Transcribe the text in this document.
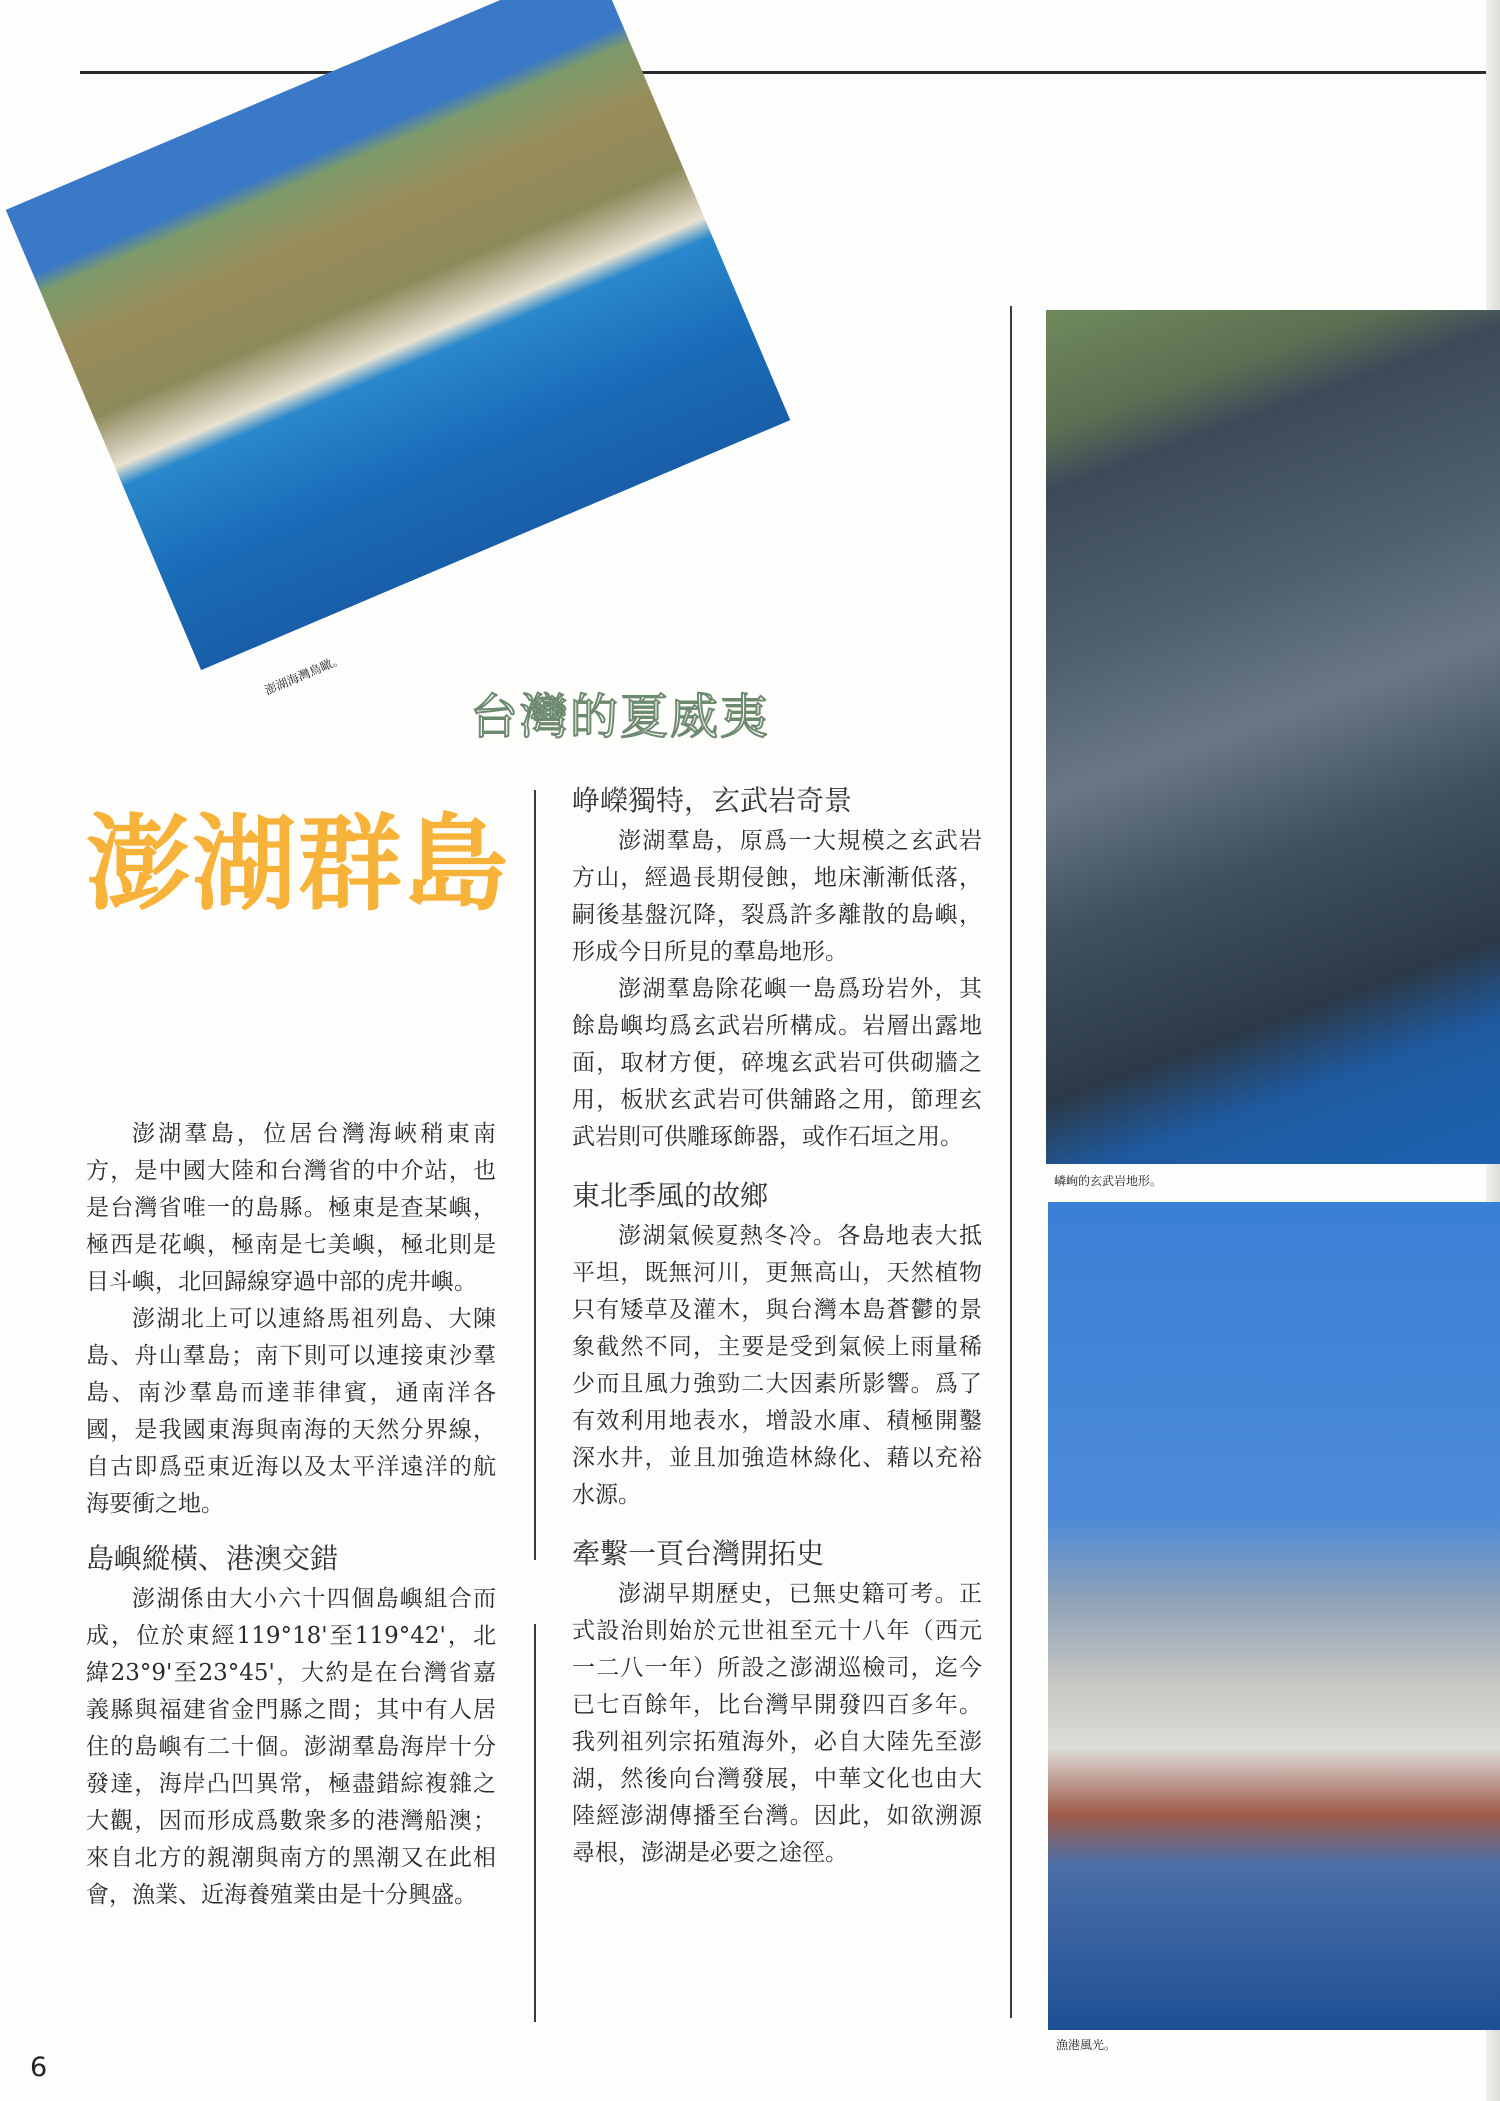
澎湖海灣鳥瞰。
嶙峋的玄武岩地形。
漁港風光。
台灣的夏威夷
澎湖群島

澎湖羣島，位居台灣海峽稍東南方，是中國大陸和台灣省的中介站，也是台灣省唯一的島縣。極東是查某嶼，極西是花嶼，極南是七美嶼，極北則是目斗嶼，北回歸線穿過中部的虎井嶼。

澎湖北上可以連絡馬祖列島、大陳島、舟山羣島；南下則可以連接東沙羣島、南沙羣島而達菲律賓，通南洋各國，是我國東海與南海的天然分界線，自古即爲亞東近海以及太平洋遠洋的航海要衝之地。

島嶼縱橫、港澳交錯

澎湖係由大小六十四個島嶼組合而成，位於東經119°18'至119°42'，北緯23°9'至23°45'，大約是在台灣省嘉義縣與福建省金門縣之間；其中有人居住的島嶼有二十個。澎湖羣島海岸十分發達，海岸凸凹異常，極盡錯綜複雜之大觀，因而形成爲數衆多的港灣船澳；來自北方的親潮與南方的黑潮又在此相會，漁業、近海養殖業由是十分興盛。

峥嶸獨特，玄武岩奇景

澎湖羣島，原爲一大規模之玄武岩方山，經過長期侵蝕，地床漸漸低落，嗣後基盤沉降，裂爲許多離散的島嶼，形成今日所見的羣島地形。

澎湖羣島除花嶼一島爲玢岩外，其餘島嶼均爲玄武岩所構成。岩層出露地面，取材方便，碎塊玄武岩可供砌牆之用，板狀玄武岩可供舖路之用，節理玄武岩則可供雕琢飾器，或作石垣之用。

東北季風的故鄉

澎湖氣候夏熱冬冷。各島地表大抵平坦，既無河川，更無高山，天然植物只有矮草及灌木，與台灣本島蒼鬱的景象截然不同，主要是受到氣候上雨量稀少而且風力強勁二大因素所影響。爲了有效利用地表水，增設水庫、積極開鑿深水井，並且加強造林綠化、藉以充裕水源。

牽繫一頁台灣開拓史

澎湖早期歷史，已無史籍可考。正式設治則始於元世祖至元十八年（西元一二八一年）所設之澎湖巡檢司，迄今已七百餘年，比台灣早開發四百多年。我列祖列宗拓殖海外，必自大陸先至澎湖，然後向台灣發展，中華文化也由大陸經澎湖傳播至台灣。因此，如欲溯源尋根，澎湖是必要之途徑。

6
